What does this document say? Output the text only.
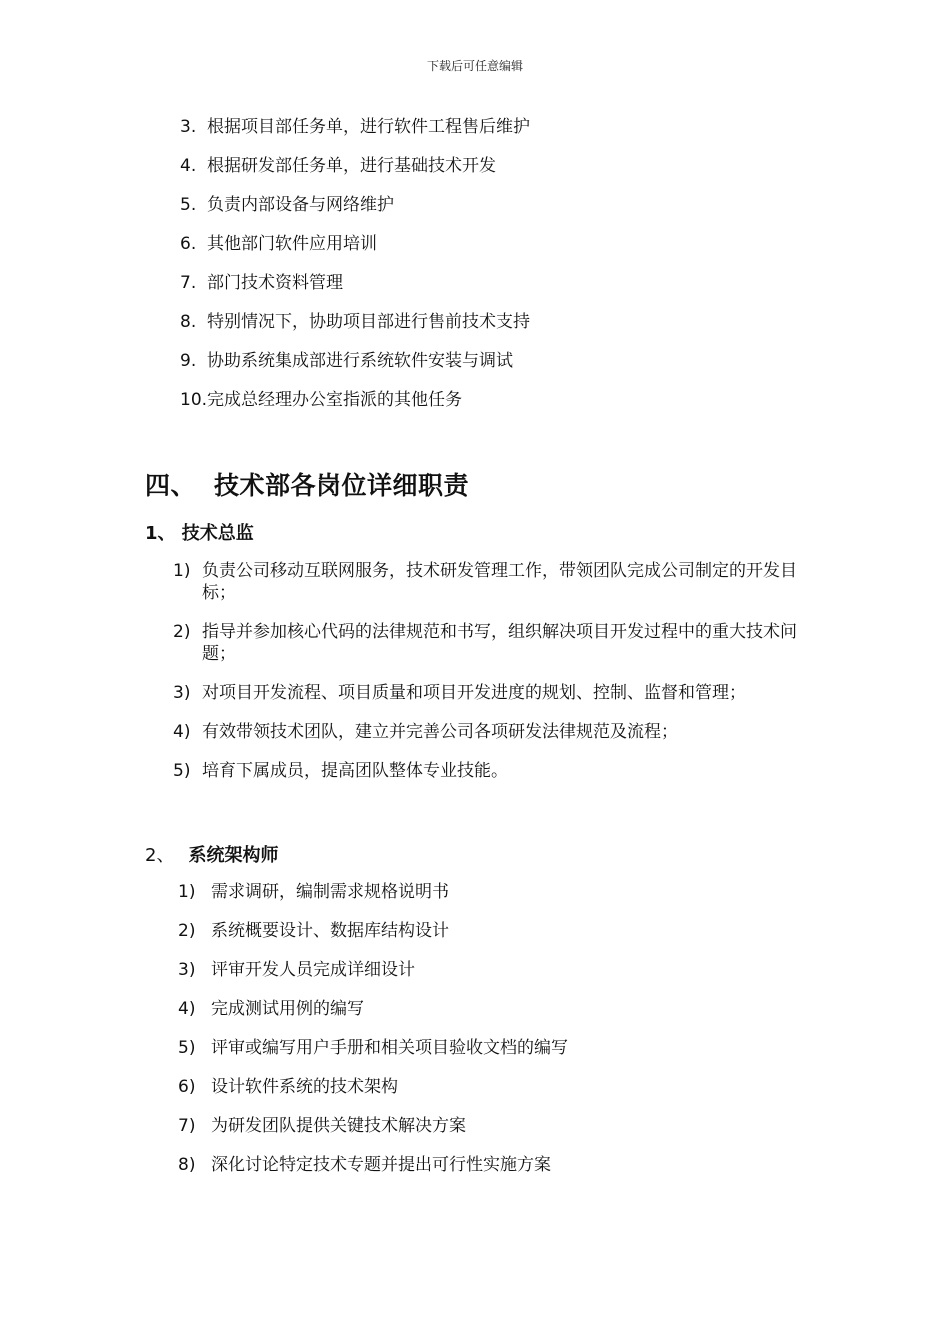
下载后可任意编辑
3. 根据项目部任务单，进行软件工程售后维护
4. 根据研发部任务单，进行基础技术开发
5. 负责内部设备与网络维护
6. 其他部门软件应用培训
7. 部门技术资料管理
8. 特别情况下，协助项目部进行售前技术支持
9. 协助系统集成部进行系统软件安装与调试
10.完成总经理办公室指派的其他任务
四、 技术部各岗位详细职责
1、 技术总监
1) 负责公司移动互联网服务，技术研发管理工作，带领团队完成公司制定的开发目标；
2) 指导并参加核心代码的法律规范和书写，组织解决项目开发过程中的重大技术问题；
3) 对项目开发流程、项目质量和项目开发进度的规划、控制、监督和管理；
4) 有效带领技术团队，建立并完善公司各项研发法律规范及流程；
5) 培育下属成员，提高团队整体专业技能。
2、 系统架构师
1) 需求调研，编制需求规格说明书
2) 系统概要设计、数据库结构设计
3) 评审开发人员完成详细设计
4) 完成测试用例的编写
5) 评审或编写用户手册和相关项目验收文档的编写
6) 设计软件系统的技术架构
7) 为研发团队提供关键技术解决方案
8) 深化讨论特定技术专题并提出可行性实施方案
